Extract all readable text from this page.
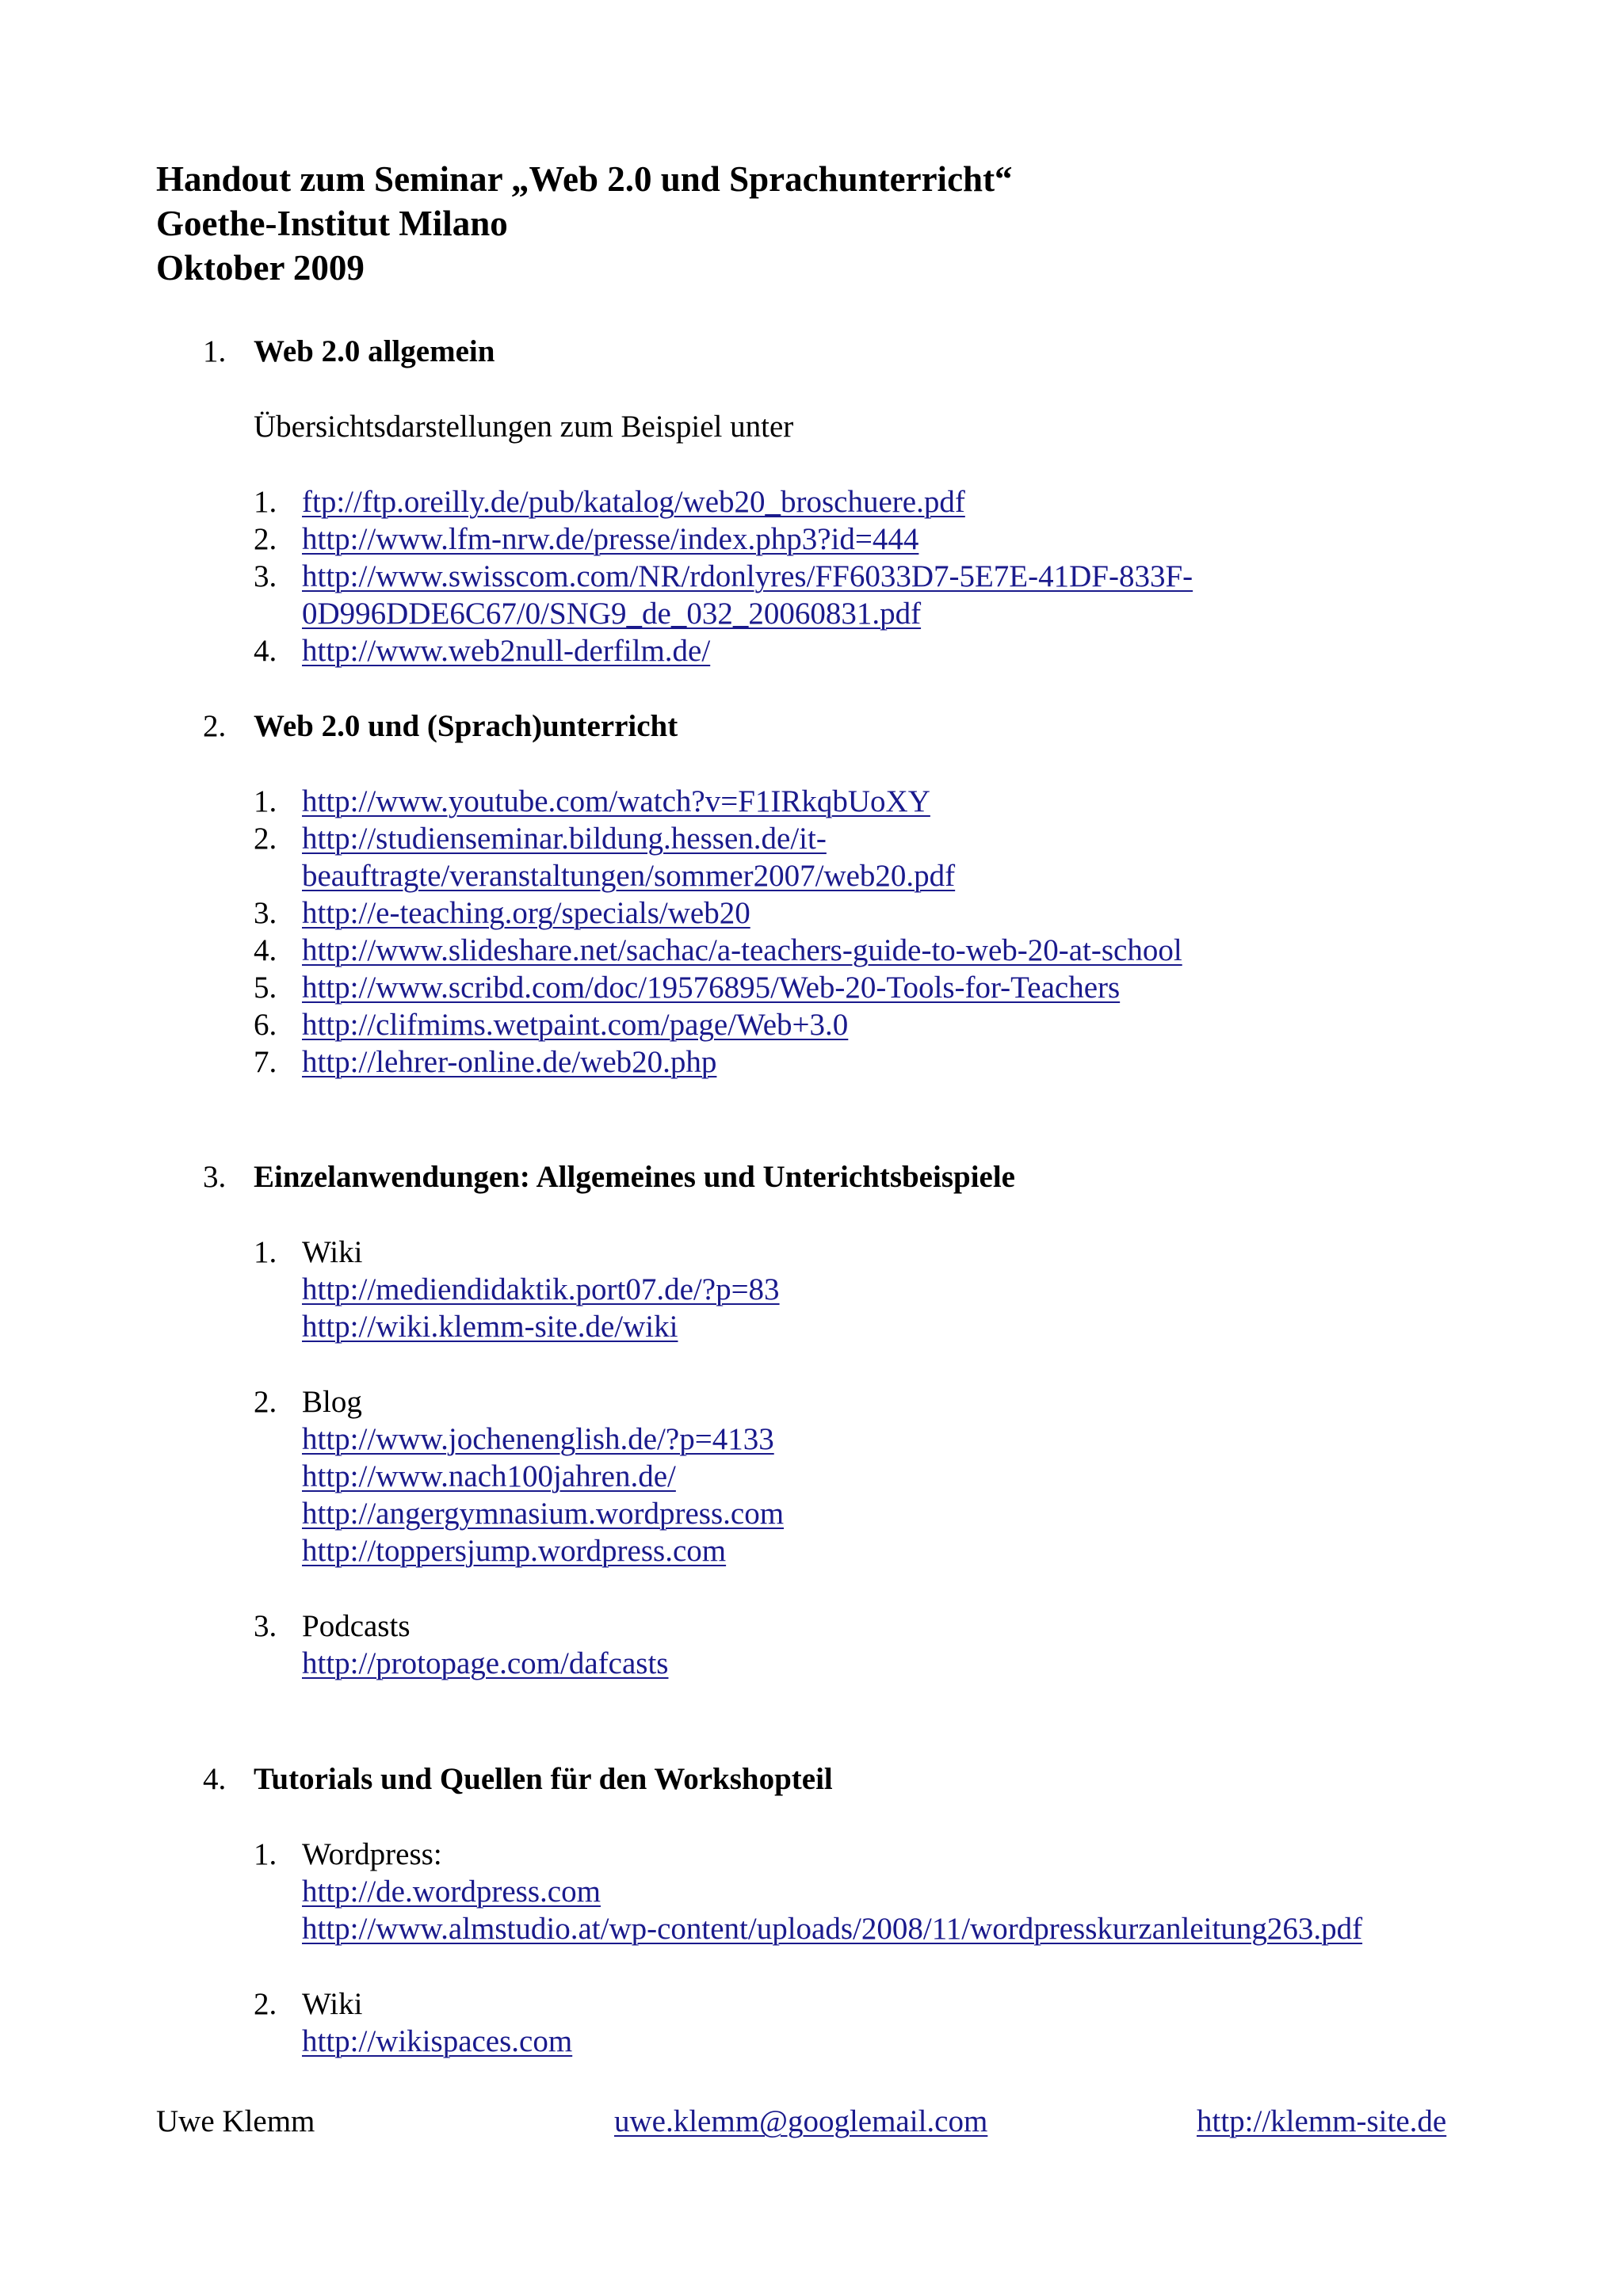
Handout zum Seminar „Web 2.0 und Sprachunterricht“
Goethe-Institut Milano
Oktober 2009
1. Web 2.0 allgemein
Übersichtsdarstellungen zum Beispiel unter
1. ftp://ftp.oreilly.de/pub/katalog/web20_broschuere.pdf
2. http://www.lfm-nrw.de/presse/index.php3?id=444
3. http://www.swisscom.com/NR/rdonlyres/FF6033D7-5E7E-41DF-833F-
0D996DDE6C67/0/SNG9_de_032_20060831.pdf
4. http://www.web2null-derfilm.de/
2. Web 2.0 und (Sprach)unterricht
1. http://www.youtube.com/watch?v=F1IRkqbUoXY
2. http://studienseminar.bildung.hessen.de/it-
beauftragte/veranstaltungen/sommer2007/web20.pdf
3. http://e-teaching.org/specials/web20
4. http://www.slideshare.net/sachac/a-teachers-guide-to-web-20-at-school
5. http://www.scribd.com/doc/19576895/Web-20-Tools-for-Teachers
6. http://clifmims.wetpaint.com/page/Web+3.0
7. http://lehrer-online.de/web20.php
3. Einzelanwendungen: Allgemeines und Unterichtsbeispiele
1. Wiki
http://mediendidaktik.port07.de/?p=83
http://wiki.klemm-site.de/wiki
2. Blog
http://www.jochenenglish.de/?p=4133
http://www.nach100jahren.de/
http://angergymnasium.wordpress.com
http://toppersjump.wordpress.com
3. Podcasts
http://protopage.com/dafcasts
4. Tutorials und Quellen für den Workshopteil
1. Wordpress:
http://de.wordpress.com
http://www.almstudio.at/wp-content/uploads/2008/11/wordpresskurzanleitung263.pdf
2. Wiki
http://wikispaces.com
Uwe Klemm	uwe.klemm@googlemail.com	http://klemm-site.de
